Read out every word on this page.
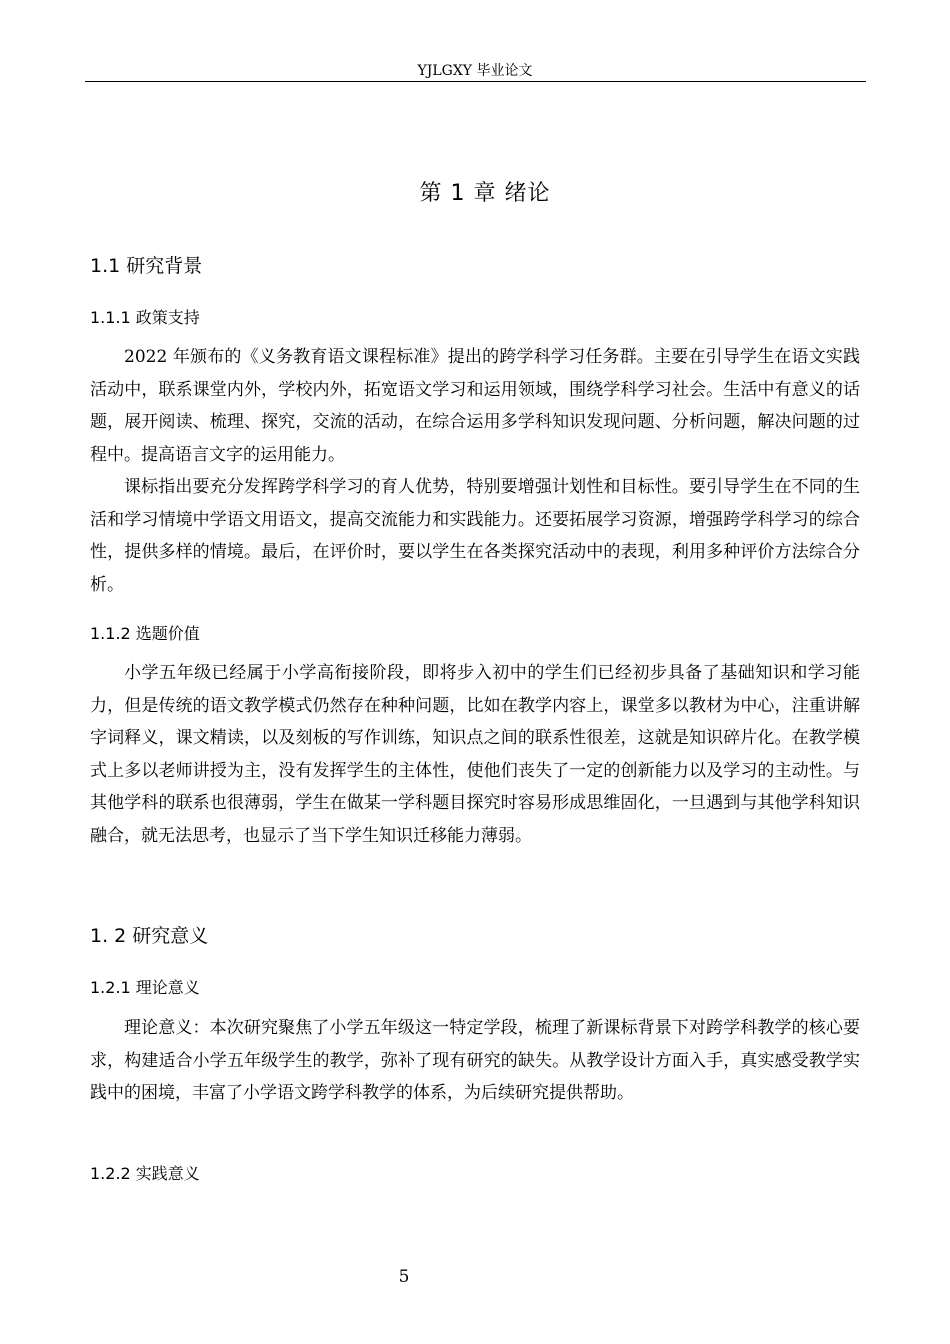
YJLGXY 毕业论文
第 1 章 绪论
1.1 研究背景
1.1.1 政策支持

2022 年颁布的《义务教育语文课程标准》提出的跨学科学习任务群。主要在引导学生在语文实践活动中，联系课堂内外，学校内外，拓宽语文学习和运用领域，围绕学科学习社会。生活中有意义的话题，展开阅读、梳理、探究，交流的活动，在综合运用多学科知识发现问题、分析问题，解决问题的过程中。提高语言文字的运用能力。

课标指出要充分发挥跨学科学习的育人优势，特别要增强计划性和目标性。要引导学生在不同的生活和学习情境中学语文用语文，提高交流能力和实践能力。还要拓展学习资源，增强跨学科学习的综合性，提供多样的情境。最后，在评价时，要以学生在各类探究活动中的表现，利用多种评价方法综合分析。

1.1.2 选题价值

小学五年级已经属于小学高衔接阶段，即将步入初中的学生们已经初步具备了基础知识和学习能力，但是传统的语文教学模式仍然存在种种问题，比如在教学内容上，课堂多以教材为中心，注重讲解字词释义，课文精读，以及刻板的写作训练，知识点之间的联系性很差，这就是知识碎片化。在教学模式上多以老师讲授为主，没有发挥学生的主体性，使他们丧失了一定的创新能力以及学习的主动性。与其他学科的联系也很薄弱，学生在做某一学科题目探究时容易形成思维固化，一旦遇到与其他学科知识融合，就无法思考，也显示了当下学生知识迁移能力薄弱。

1. 2 研究意义
1.2.1 理论意义

理论意义：本次研究聚焦了小学五年级这一特定学段，梳理了新课标背景下对跨学科教学的核心要求，构建适合小学五年级学生的教学，弥补了现有研究的缺失。从教学设计方面入手，真实感受教学实践中的困境，丰富了小学语文跨学科教学的体系，为后续研究提供帮助。

1.2.2 实践意义
5
